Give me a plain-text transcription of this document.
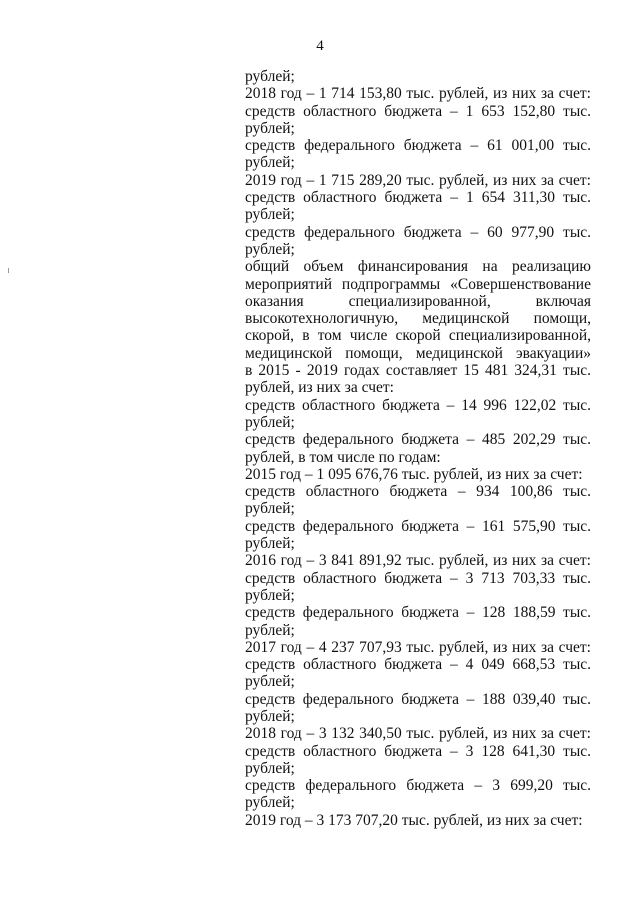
4
рублей;
2018 год – 1 714 153,80 тыс. рублей, из них за счет:
средств областного бюджета – 1 653 152,80 тыс.
рублей;
средств федерального бюджета – 61 001,00 тыс.
рублей;
2019 год – 1 715 289,20 тыс. рублей, из них за счет:
средств областного бюджета – 1 654 311,30 тыс.
рублей;
средств федерального бюджета – 60 977,90 тыс.
рублей;
общий объем финансирования на реализацию
мероприятий подпрограммы «Совершенствование
оказания специализированной, включая
высокотехнологичную, медицинской помощи,
скорой, в том числе скорой специализированной,
медицинской помощи, медицинской эвакуации»
в 2015 - 2019 годах составляет 15 481 324,31 тыс.
рублей, из них за счет:
средств областного бюджета – 14 996 122,02 тыс.
рублей;
средств федерального бюджета – 485 202,29 тыс.
рублей, в том числе по годам:
2015 год – 1 095 676,76 тыс. рублей, из них за счет:
средств областного бюджета – 934 100,86 тыс.
рублей;
средств федерального бюджета – 161 575,90 тыс.
рублей;
2016 год – 3 841 891,92 тыс. рублей, из них за счет:
средств областного бюджета – 3 713 703,33 тыс.
рублей;
средств федерального бюджета – 128 188,59 тыс.
рублей;
2017 год – 4 237 707,93 тыс. рублей, из них за счет:
средств областного бюджета – 4 049 668,53 тыс.
рублей;
средств федерального бюджета – 188 039,40 тыс.
рублей;
2018 год – 3 132 340,50 тыс. рублей, из них за счет:
средств областного бюджета – 3 128 641,30 тыс.
рублей;
средств федерального бюджета – 3 699,20 тыс.
рублей;
2019 год – 3 173 707,20 тыс. рублей, из них за счет:
